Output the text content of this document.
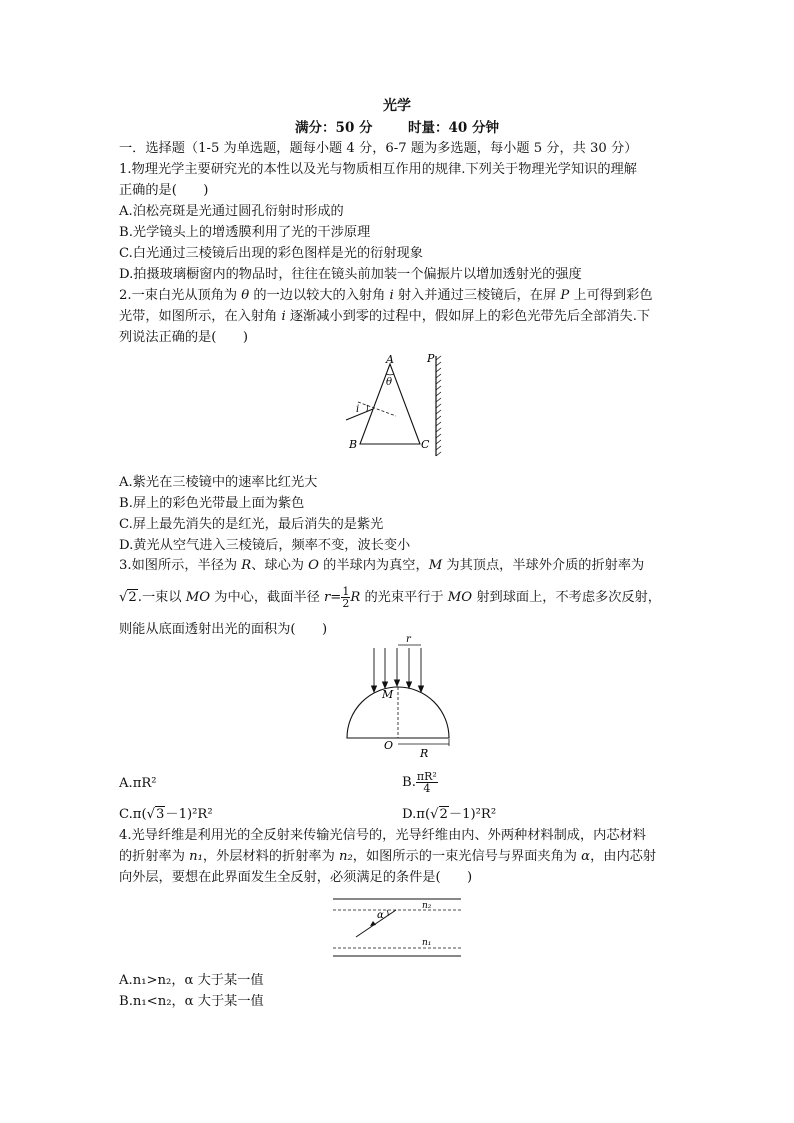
光学
满分：50 分	时量：40 分钟
一．选择题（1-5 为单选题，题每小题 4 分，6-7 题为多选题，每小题 5 分，共 30 分）
1.物理光学主要研究光的本性以及光与物质相互作用的规律.下列关于物理光学知识的理解
正确的是(　　)
A.泊松亮斑是光通过圆孔衍射时形成的
B.光学镜头上的增透膜利用了光的干涉原理
C.白光通过三棱镜后出现的彩色图样是光的衍射现象
D.拍摄玻璃橱窗内的物品时，往往在镜头前加装一个偏振片以增加透射光的强度
2.一束白光从顶角为 θ 的一边以较大的入射角 i 射入并通过三棱镜后，在屏 P 上可得到彩色
光带，如图所示，在入射角 i 逐渐减小到零的过程中，假如屏上的彩色光带先后全部消失.下
列说法正确的是(　　)
A
θ
i
B	C
P
A.紫光在三棱镜中的速率比红光大
B.屏上的彩色光带最上面为紫色
C.屏上最先消失的是红光，最后消失的是紫光
D.黄光从空气进入三棱镜后，频率不变，波长变小
3.如图所示，半径为 R、球心为 O 的半球内为真空，M 为其顶点，半球外介质的折射率为
√2.一束以 MO 为中心，截面半径 $r= \frac{1}{2}$ R 的光束平行于 MO 射到球面上，不考虑多次反射，
则能从底面透射出光的面积为(　　)
r
M
O
R
A.πR²	B. $\frac{\text{πR²}}{4}$
C.π(√3－1)²R²	D.π(√2－1)²R²
4.光导纤维是利用光的全反射来传输光信号的，光导纤维由内、外两种材料制成，内芯材料
的折射率为 n₁，外层材料的折射率为 n₂，如图所示的一束光信号与界面夹角为 α，由内芯射
向外层，要想在此界面发生全反射，必须满足的条件是(　　)
α
n₂
n₁
A.n₁>n₂，α 大于某一值
B.n₁<n₂，α 大于某一值
